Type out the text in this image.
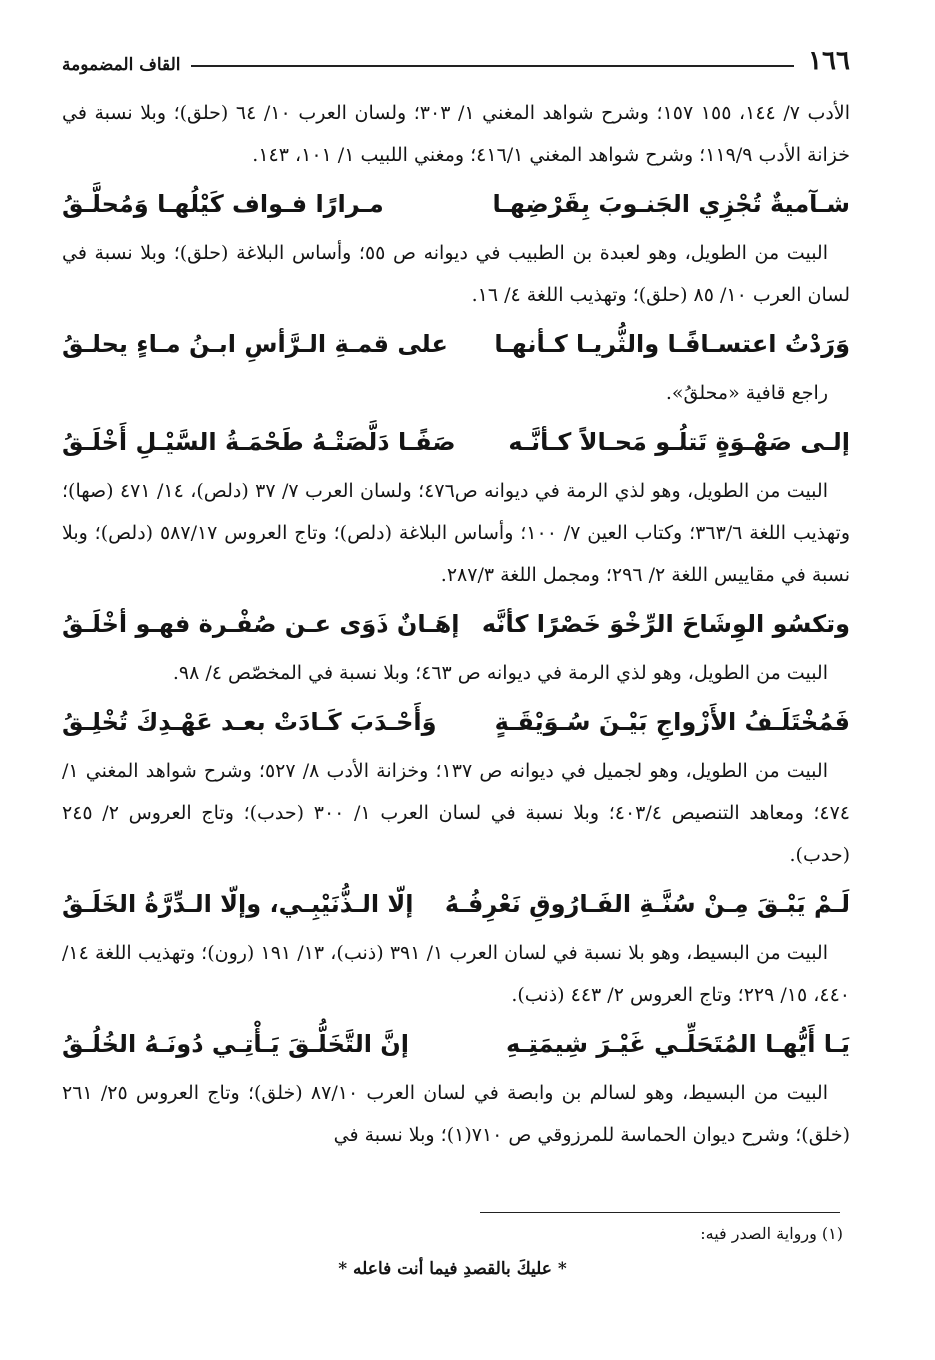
١٦٦
القاف المضمومة

الأدب ٧/ ١٤٤، ١٥٥ ١٥٧؛ وشرح شواهد المغني ١/ ٣٠٣؛ ولسان العرب ١٠/ ٦٤ (حلق)؛ وبلا نسبة في خزانة الأدب ١١٩/٩؛ وشرح شواهد المغني ٤١٦/١؛ ومغني اللبيب ١/ ١٠١، ١٤٣.

شـآميةٌ تُجْزِي الجَنـوبَ بِقَرْضِهـا
مـرارًا فـواف كَيْلُهـا وَمُحلَّـقُ

البيت من الطويل، وهو لعبدة بن الطبيب في ديوانه ص ٥٥؛ وأساس البلاغة (حلق)؛ وبلا نسبة في لسان العرب ١٠/ ٨٥ (حلق)؛ وتهذيب اللغة ٤/ ١٦.

وَرَدْتُ اعتسـافًـا والثُّريـا كـأنهـا
على قمـةِ الـرَّأسِ ابـنُ مـاءٍ يحلـقُ

راجع قافية «محلقُ».

إلـى صَهْـوَةٍ تَتلُـو مَحـالاً كـأنَّـه
صَفًـا دَلَّصَتْـهُ طَحْمَـةُ السَّيْـلِ أَخْلَـقُ

البيت من الطويل، وهو لذي الرمة في ديوانه ص٤٧٦؛ ولسان العرب ٧/ ٣٧ (دلص)، ١٤/ ٤٧١ (صها)؛ وتهذيب اللغة ٣٦٣/٦؛ وكتاب العين ٧/ ١٠٠؛ وأساس البلاغة (دلص)؛ وتاج العروس ٥٨٧/١٧ (دلص)؛ وبلا نسبة في مقاييس اللغة ٢/ ٢٩٦؛ ومجمل اللغة ٢٨٧/٣.

وتكسُو الوِشَاحَ الرِّخْوَ خَصْرًا كأنَّه
إهَـانٌ ذَوَى عـن صُفْـرة فهـو أخْلَـقُ

البيت من الطويل، وهو لذي الرمة في ديوانه ص ٤٦٣؛ وبلا نسبة في المخصّص ٤/ ٩٨.

فَمُخْتَلَـفُ الأَزْواجِ بَيْـنَ سُـوَيْقَـةٍ
وَأَحْـدَبَ كَـادَتْ بعـد عَهْـدِكَ تُخْلِـقُ

البيت من الطويل، وهو لجميل في ديوانه ص ١٣٧؛ وخزانة الأدب ٨/ ٥٢٧؛ وشرح شواهد المغني ١/ ٤٧٤؛ ومعاهد التنصيص ٤٠٣/٤؛ وبلا نسبة في لسان العرب ١/ ٣٠٠ (حدب)؛ وتاج العروس ٢/ ٢٤٥ (حدب).

لَـمْ يَبْـقَ مِـنْ سُنَّـةِ الفَـارُوقِ نَعْرِفُـهُ
إلّا الـذُّنَيْبِـي، وإلّا الـدِّرَّةُ الخَلَـقُ

البيت من البسيط، وهو بلا نسبة في لسان العرب ١/ ٣٩١ (ذنب)، ١٣/ ١٩١ (رون)؛ وتهذيب اللغة ١٤/ ٤٤٠، ١٥/ ٢٢٩؛ وتاج العروس ٢/ ٤٤٣ (ذنب).

يَـا أَيُّهـا المُتَحَلِّـي غَيْـرَ شِيمَتِـهِ
إنَّ التَّخَلُّـقَ يَـأْتِـي دُونَـهُ الخُلُـقُ

البيت من البسيط، وهو لسالم بن وابصة في لسان العرب ٨٧/١٠ (خلق)؛ وتاج العروس ٢٥/ ٢٦١ (خلق)؛ وشرح ديوان الحماسة للمرزوقي ص ٧١٠(١)؛ وبلا نسبة في

(١) ورواية الصدر فيه:

* عليكَ بالقصدِ فيما أنت فاعله *
